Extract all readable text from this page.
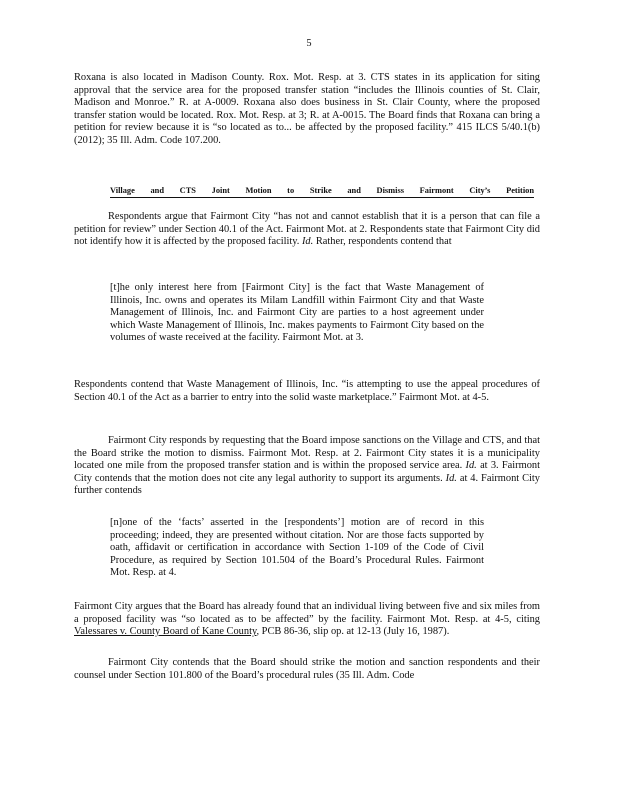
5

Roxana is also located in Madison County. Rox. Mot. Resp. at 3. CTS states in its application for siting approval that the service area for the proposed transfer station “includes the Illinois counties of St. Clair, Madison and Monroe.” R. at A-0009. Roxana also does business in St. Clair County, where the proposed transfer station would be located. Rox. Mot. Resp. at 3; R. at A-0015. The Board finds that Roxana can bring a petition for review because it is “so located as to... be affected by the proposed facility.” 415 ILCS 5/40.1(b) (2012); 35 Ill. Adm. Code 107.200.

Village and CTS Joint Motion to Strike and Dismiss Fairmont City’s Petition

Respondents argue that Fairmont City “has not and cannot establish that it is a person that can file a petition for review” under Section 40.1 of the Act. Fairmont Mot. at 2. Respondents state that Fairmont City did not identify how it is affected by the proposed facility. Id. Rather, respondents contend that

[t]he only interest here from [Fairmont City] is the fact that Waste Management of Illinois, Inc. owns and operates its Milam Landfill within Fairmont City and that Waste Management of Illinois, Inc. and Fairmont City are parties to a host agreement under which Waste Management of Illinois, Inc. makes payments to Fairmont City based on the volumes of waste received at the facility. Fairmont Mot. at 3.

Respondents contend that Waste Management of Illinois, Inc. “is attempting to use the appeal procedures of Section 40.1 of the Act as a barrier to entry into the solid waste marketplace.” Fairmont Mot. at 4-5.

Fairmont City responds by requesting that the Board impose sanctions on the Village and CTS, and that the Board strike the motion to dismiss. Fairmont Mot. Resp. at 2. Fairmont City states it is a municipality located one mile from the proposed transfer station and is within the proposed service area. Id. at 3. Fairmont City contends that the motion does not cite any legal authority to support its arguments. Id. at 4. Fairmont City further contends

[n]one of the ‘facts’ asserted in the [respondents’] motion are of record in this proceeding; indeed, they are presented without citation. Nor are those facts supported by oath, affidavit or certification in accordance with Section 1-109 of the Code of Civil Procedure, as required by Section 101.504 of the Board’s Procedural Rules. Fairmont Mot. Resp. at 4.

Fairmont City argues that the Board has already found that an individual living between five and six miles from a proposed facility was “so located as to be affected” by the facility. Fairmont Mot. Resp. at 4-5, citing Valessares v. County Board of Kane County, PCB 86-36, slip op. at 12-13 (July 16, 1987).

Fairmont City contends that the Board should strike the motion and sanction respondents and their counsel under Section 101.800 of the Board’s procedural rules (35 Ill. Adm. Code
